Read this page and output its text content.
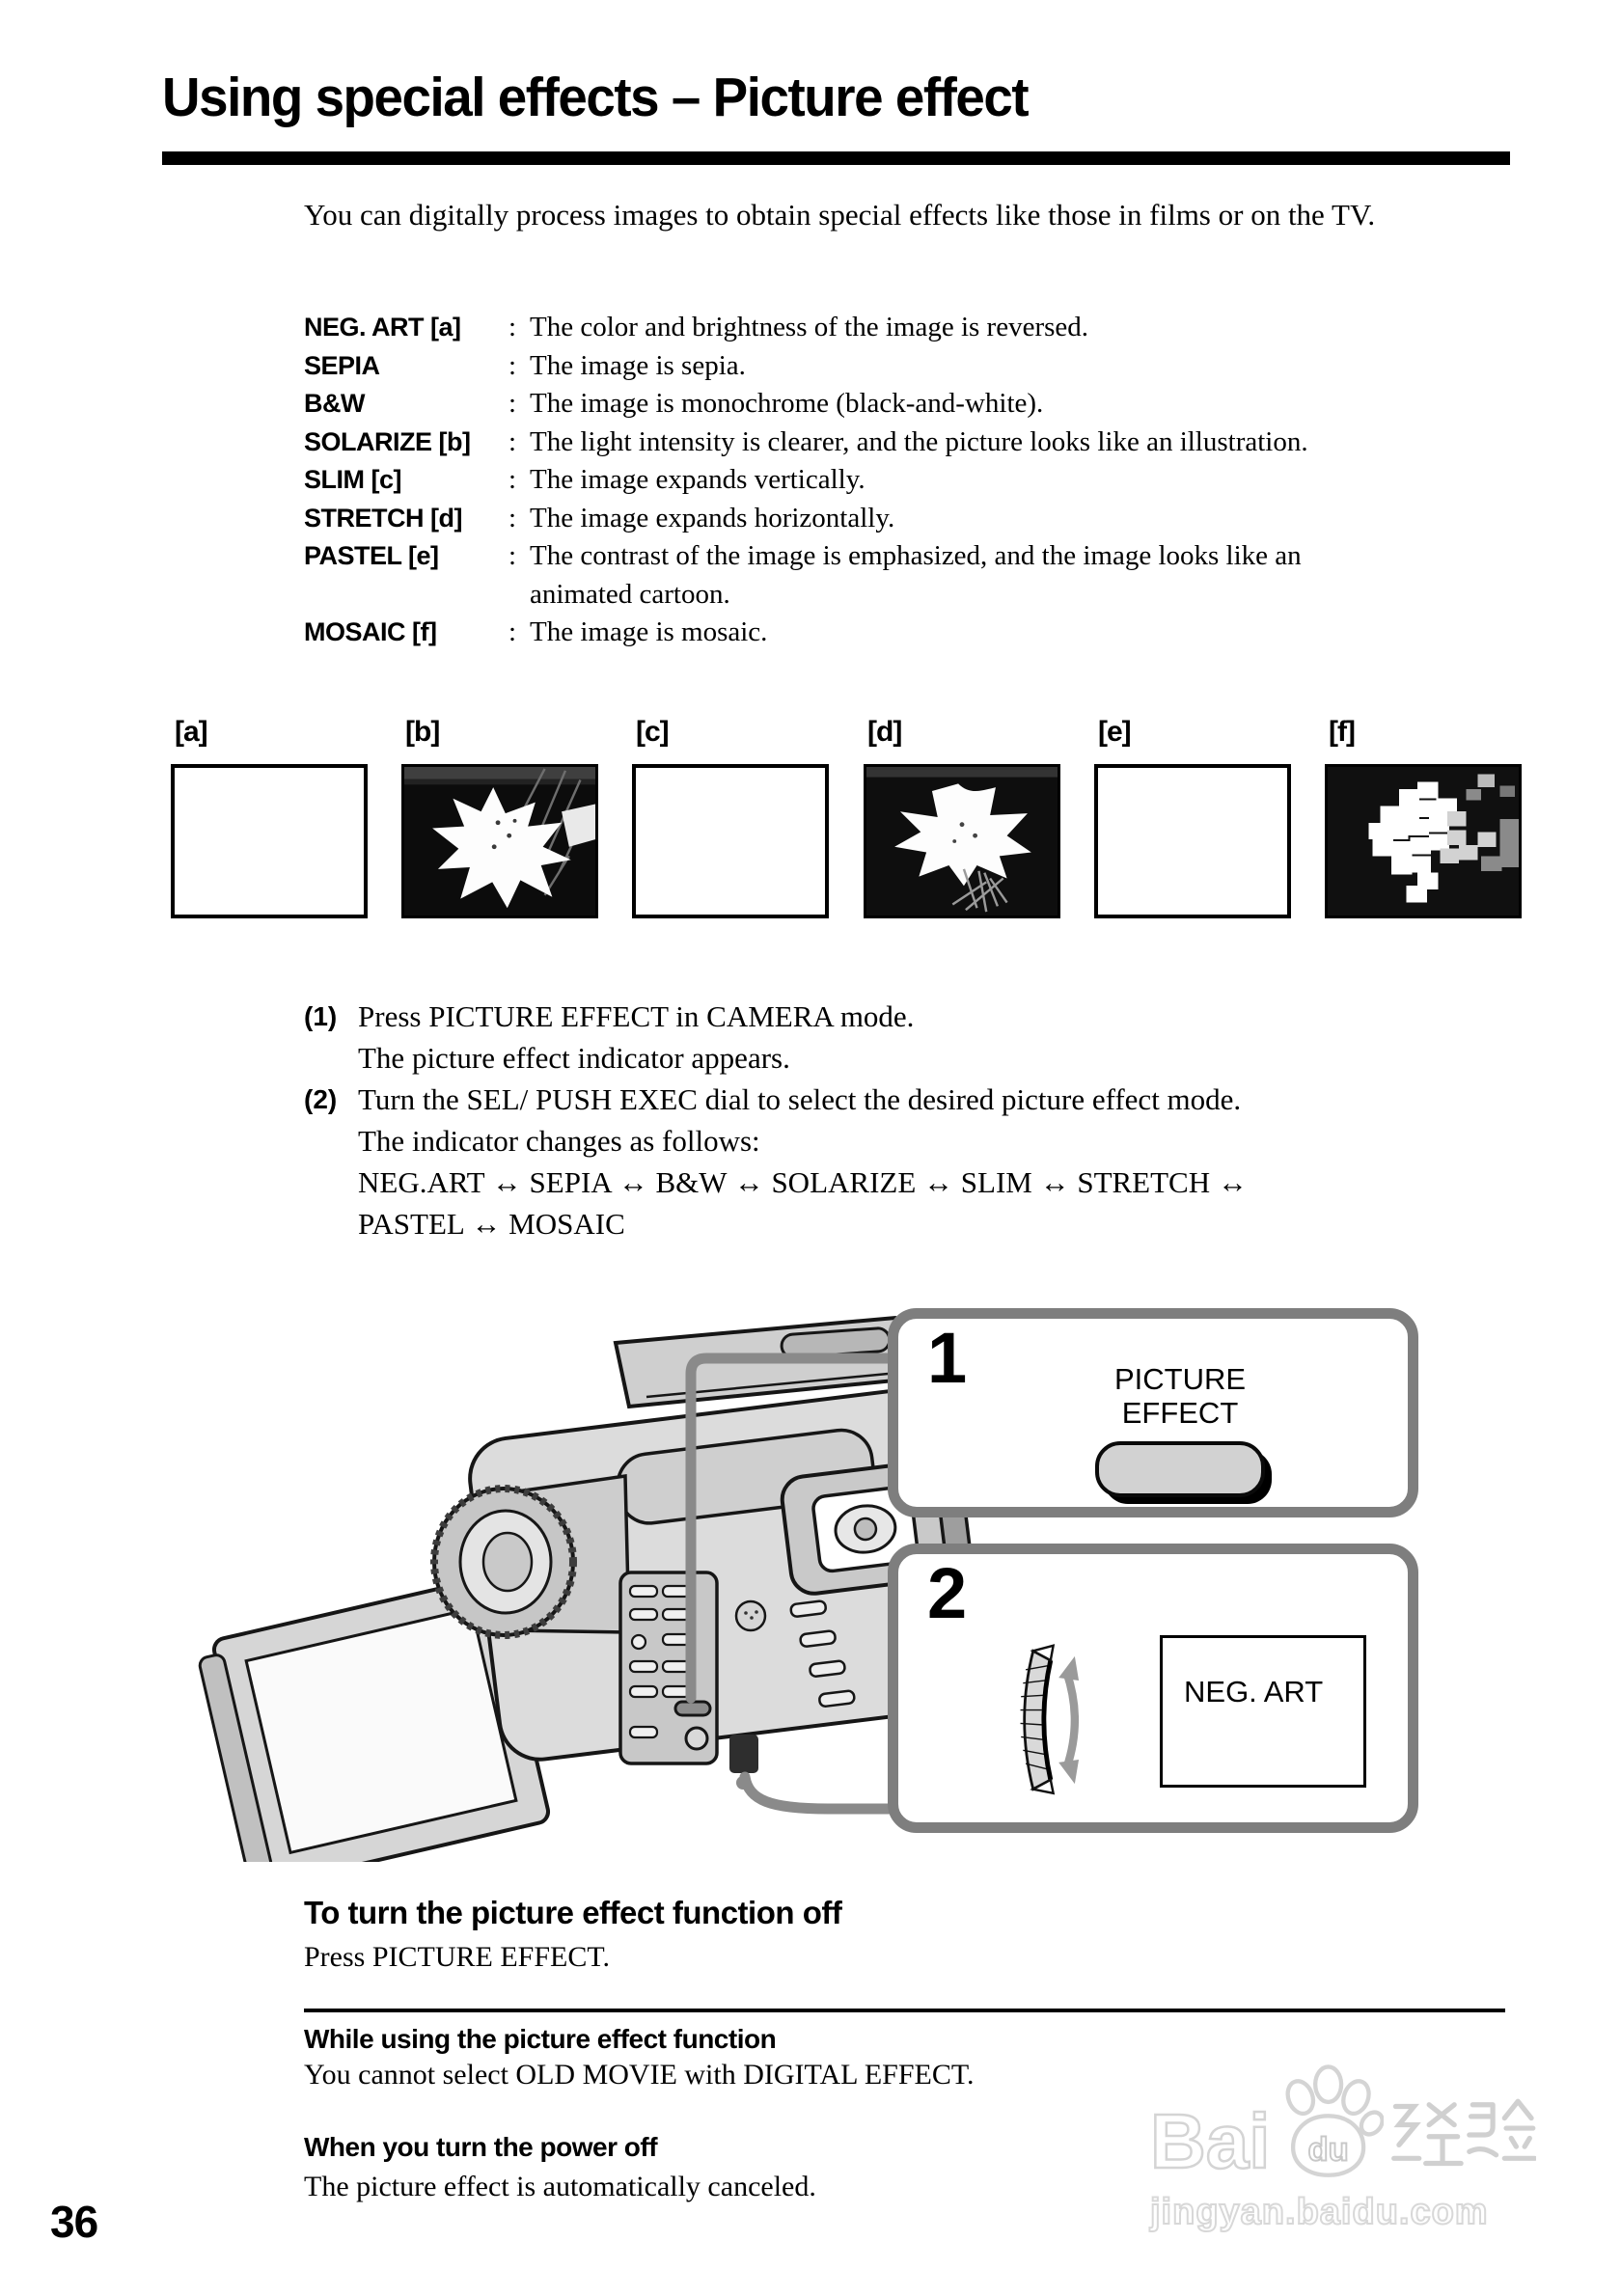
Using special effects – Picture effect
You can digitally process images to obtain special effects like those in films or on the TV.
NEG. ART [a]	: The color and brightness of the image is reversed.
SEPIA	: The image is sepia.
B&W	: The image is monochrome (black-and-white).
SOLARIZE [b]	: The light intensity is clearer, and the picture looks like an illustration.
SLIM [c]	: The image expands vertically.
STRETCH [d]	: The image expands horizontally.
PASTEL [e]	: The contrast of the image is emphasized, and the image looks like an
animated cartoon.
MOSAIC [f]	: The image is mosaic.
[a]	[b]	[c]	[d]	[e]	[f]
(1) Press PICTURE EFFECT in CAMERA mode.
The picture effect indicator appears.
(2) Turn the SEL/ PUSH EXEC dial to select the desired picture effect mode.
The indicator changes as follows:
NEG.ART ↔ SEPIA ↔ B&W ↔ SOLARIZE ↔ SLIM ↔ STRETCH ↔
PASTEL ↔ MOSAIC
1	PICTURE
EFFECT
2
NEG. ART
To turn the picture effect function off
Press PICTURE EFFECT.
While using the picture effect function
You cannot select OLD MOVIE with DIGITAL EFFECT.
When you turn the power off
The picture effect is automatically canceled.
36
Bai du
jingyan.baidu.com
